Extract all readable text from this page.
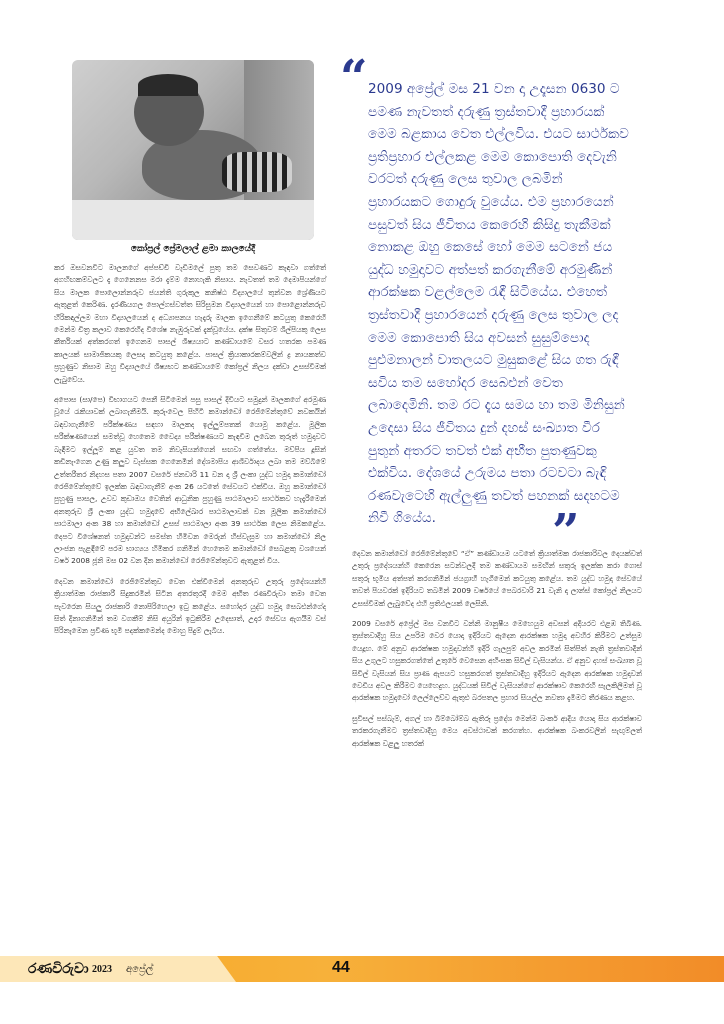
කෝප්‍රල් ප්‍රේමලාල් ළමා කාලයේදී

කර ඔසවනවිට මාලනගේ අප්පච්චි වැඩිමලේ පුතු තම සෙවණට කැඳවා ගත්තේ අගහිඟකම්වලට දැ ගෙනෙනස මරා දැම්ම නොහැකි නිසාය. නැවතත් තම දෙමාපියන්ගේ සිය මාලක පොලොන්නරුව ජයන්ති ගුරුකුල කනිෂ්ඨ විද්‍යාලයේ තුන්වන ශ්‍රේණියට ඇතුළත් කෙරිණ. දැරණියගල පොල්ගස්වත්ත සිරිසුමන විද්‍යාලයෙන් හා පොළොන්නරුව හිරිකඳල්ලම මහා විද්‍යාලයෙන් ද අධ්‍යාපනය හැදෑරු මාලක ඉගෙනීමේ කටයුතු කෙරෙහි මෙන්ම චිත්‍ර කලාව කෙරෙහිද විශේෂ නැඹුරුවක් දැක්වූයේය. දක්ෂ සිතුවම් ශිල්පියකු ලෙස කීර්තියක් අත්කරගත් ඉගෙනම පාසල් ශිෂ්‍යයාට කණ්ඩායමේ වසර හතරක පමණ කාලයක් සාමාජිකයකු ලෙසද කටයුතු කළේය. පාසල් ක්‍රියාකාරකම්වලින් ද්‍ර නායකත්ව ප්‍රහුණුව නිසාම ඔහු විද්‍යාලයේ ශිෂ්‍යභට කණ්ඩායමේ කෝප්‍රල් නිලය දක්වා උසස්වීමක් ලැබුවේය.

අපොස (සා/පෙ) විභාගයට පෙනී සිටීමෙන් පසු පාසල් දිවියට සමුදුන් මාලකගේ අරමුණ වූයේ රැකියාවක් ලබාගැනීමයි. කුරුංවෙල පිහිටි කමාන්ඩෝ රෙජිමේන්තුවේ නවකයින් බඳවාගැනීමේ පරීක්ෂණය සඳහා මාලකද ඉල්ලුම්පතක් යොමු කළේය. මූලික පරීක්ෂණයෙන් සමත්වූ හෙතෙම වෛද්‍ය පරීක්ෂණයට කැඳවීම ලබෙන තුරුත් හමුදාවට බැඳීමට ඉල්ලූම් කළ යුවත තම නිවැසියන්ගෙන් සඟවා ගත්තේය. මව්පිය දූසින් කඩිනැංගෙන උණු කලුව වැස්සක ගෙනෙමින් දේශමාපිය ආශිර්වාදය ලබා තම මව්බිමේ උත්තරීතර නිදහස පතා 2007 වසරේ ජනවාරි 11 වන දා ශ්‍රී ලංකා යුද්ධ හමුදා කමාන්ඩෝ රෙජිමේන්තුවේ ඉලක්ක බඳවාගැනීම් අංක 26 යටතේ සේවයට එක්විය. ඔහු කමාන්ඩෝ පුහුණු පාසල, උවව කුඩාඔය වෙතින් ආධුනික පුහුණු පාඨමාලාව සාර්ථකව හැදෑරීමෙන් අනතුරුව ශ්‍රී ලංකා යුද්ධ හමුදාවේ අභිලේඛාර පාඨමාලාවක් වන මූලික කමාන්ඩෝ පාඨමාලා අංක 38 හා කමාන්ඩෝ උසස් පාඨමාලා අංක 39 සාර්ථක ලෙස නිමකළේය. දෙපට විශේෂනත් හමුදාවන්ට සමස්ත හිමිවන මෙරුන් හිස්වැසුම හා කමාන්ඩෝ නිල ලාංජන පැළඳීමේ පරම භාග්‍යය හිමිකර ගනිමින් හෙතෙම කමාන්ඩෝ සෙබළකු වශයෙන් වර්ෂ 2008 ජූනි මස 02 වන දින කමාන්ඩෝ රෙජිමේන්තුවට ඇතුළත් විය.

දෙවන කමාන්ඩෝ රෙජිමේන්තුව වෙත එක්වීමෙන් අනතුරුව උතුරු ප්‍රදේශයන්හි ක්‍රියාත්මක රාජකාරී සිදුකරමින් සිටින අතරතුරදී මෙම අභීත රණවිරුවා තමා වෙත පැවරෙන සියලු රාජකාරි නොපිරිහෙලා ඉටු කළේය. සහෝදර යුද්ධ හමුදා සෙබළුන්ගේද සිත් දිනාගනිමින් තම වගකීම් නිසි අයුරින් ඉටුකිරීම උදෙසාත්, උදාර සේවය ඇගයීම වස් පිරිනැමෙන ප්‍රවීණ භූමි පදක්කමෙන්ද මොහු පිදුම් ලැබිය.

“ 2009 අප්‍රේල් මස 21 වන දා උදෑසන 0630 ට පමණ නැවතත් දරුණු ත්‍රස්තවාදී ප්‍රහාරයක් මෙම බළකාය වෙත එල්ලවිය. එයට සාර්ථකව ප්‍රතිප්‍රහාර එල්ලකළ මෙම කොපොති දෙවැනි වරටත් දරුණු ලෙස තුවාල ලබමින් ප්‍රහාරයකට ගොදුරු වුයේය. එම ප්‍රහාරයෙන් පසුවත් සිය ජීවිතය කෙරෙහි කිසිදු තැකීමක් නොකළ ඔහු කෙසේ හෝ මෙම සටනේ ජය යුද්ධ හමුදාවට අත්පත් කරගැනීමේ අරමුණින් ආරක්ෂක වළල්ලෙම රැඳී සිටියේය. එහෙත් ත්‍රස්තවාදී ප්‍රහාරයෙන් දරුණු ලෙස තුවාල ලද මෙම කොපොති සිය අවසන් සුසුම්පොද පුළුමනාලන් වාතලයට මුසුකළේ සිය ගත රුඳී සවිය තම සහෝදර සෙබළුන් වෙත ලබාදෙමිනි. තම රට දැය සමය හා තම මිනිසුන් උදෙසා සිය ජීවිතය දුන් දහස් සංඛ්‍යාත වීර පුතුන් අතරට තවත් එක් අභීත පුතණුවකු එක්විය. දේශයේ උරුමය පතා රටවටා බැඳි රණවැටෙහි ඇල්ලුණු තවත් පහනක් සදහටම නිවී ගියේය.	”

දෙවන කමාන්ඩෝ රෙජිමේන්තුවේ “ඒ” කණ්ඩායම යටතේ ක්‍රියාත්මක රාජකාරිවල දෙයක්වත් උතුරු ප්‍රදේශයන්හි කෙරෙන සටන්වලදී තම කණ්ඩායම සමඟින් සතුරු ඉලක්ක කරා ගොස් සතුරු භූමිය අත්පත් කරගනිමින් ජයග්‍රාහී හැගීමෙන් කටයුතු කළේය. තම යුද්ධ හමුදා සේවයේ තවත් පියවරක් ඉදිරියට තබමින් 2009 වර්ෂයේ පෙබරවාරි 21 වැනි දා ලාන්ස් කෝප්‍රල් නිලයට උසස්වීමක් ලැබුවේද එහි ප්‍රතිඵලයක් ලෙසිනි.

2009 වසරේ අප්‍රේල් මස වනවිට වන්නි මානුෂීය මෙහෙයුම අවසන් අදියරට එළඹ තිබිණ. ත්‍රස්තවාදීහු සිය උපරිම වෙර යොදා ඉදිරියට ඇදෙන ආරක්ෂක හමුදා අවහිර කිරීමට උත්සුම යෙදූහ. මේ අනුව ආරක්ෂක හමුදාවන්හි ඉදිරි ගැලපුම් අවල කරමින් සිත්පිත් නැති ත්‍රස්තවාදීන් සිය උගුලට හසුකරගත්තේ උතුරේ වෙසෙන අහිංසක සිවිල් වැසියන්ය. ඒ අනුව දහස් සංඛ්‍යාත වූ සිවිල් වැසියන් සිය ප්‍රාණ ඇපයට හසුකරගත් ත්‍රස්තවාදීහු ඉදිරියට ඇදෙන ආරක්ෂක හමුදාවන් වෙඩිය අවල කිරීමට යෙහෙදුහ. යුද්ධයක් සිවිල් වැසියන්ගේ ආරක්ෂාව කෙරෙහි සැලකිලිමත් වූ ආරක්ෂක හමුදාවෝ ලෙල්ලෙව්ව ඇතුළු බරපතල ප්‍රහාර සියල්ල නවතා දැමීමට තීරණය කළහ.

සුවිසල් පස්බැම්, අගල් හා බිම්බෝම්බ ඇතිරූ ප්‍රදේශ මෙන්ම බංකර් ආදිය යොදා සිය ආරක්ෂාව තරකරගැනීමට ත්‍රස්තවාදීහු මෙය අවස්ථාවක් කරගත්හ. ආරක්ෂක බංකරවලින් සැඟුම්ලත් ආරක්ෂක වළලු හතරක්

රණවිරුවා 2023 අප්‍රේල්	44
